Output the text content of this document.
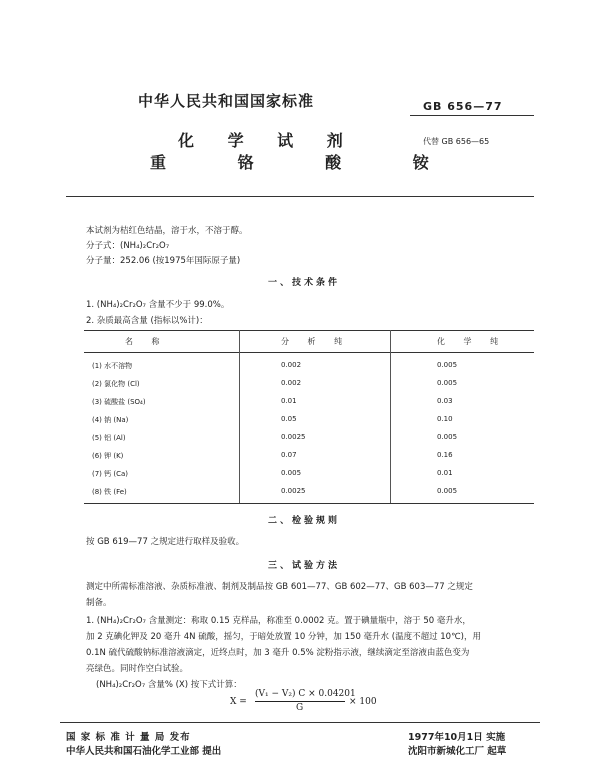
中华人民共和国国家标准	GB 656—77
化 学 试 剂	代替 GB 656—65
重 铬 酸 铵
本试剂为桔红色结晶，溶于水，不溶于醇。
分子式：(NH₄)₂Cr₂O₇
分子量：252.06 (按1975年国际原子量)
一、技术条件
1. (NH₄)₂Cr₂O₇ 含量不少于 99.0%。
2. 杂质最高含量 (指标以%计)：
名 称	分 析 纯	化 学 纯
(1) 水不溶物	0.002	0.005
(2) 氯化物 (Cl)	0.002	0.005
(3) 硫酸盐 (SO₄)	0.01	0.03
(4) 钠 (Na)	0.05	0.10
(5) 铝 (Al)	0.0025	0.005
(6) 钾 (K)	0.07	0.16
(7) 钙 (Ca)	0.005	0.01
(8) 铁 (Fe)	0.0025	0.005
二、检验规则
按 GB 619—77 之规定进行取样及验收。
三、试验方法
测定中所需标准溶液、杂质标准液、制剂及制品按 GB 601—77、GB 602—77、GB 603—77 之规定
制备。
1. (NH₄)₂Cr₂O₇ 含量测定：称取 0.15 克样品，称准至 0.0002 克。置于碘量瓶中，溶于 50 毫升水，
加 2 克碘化钾及 20 毫升 4N 硫酸，摇匀，于暗处放置 10 分钟，加 150 毫升水 (温度不超过 10℃)，用
0.1N 硫代硫酸钠标准溶液滴定，近终点时，加 3 毫升 0.5% 淀粉指示液，继续滴定至溶液由蓝色变为
亮绿色。同时作空白试验。
(NH₄)₂Cr₂O₇ 含量% (X) 按下式计算：
X =
(V₁ − V₂) C × 0.04201
G
× 100
国 家 标 准 计 量 局 发布
中华人民共和国石油化学工业部 提出
1977年10月1日 实施
沈阳市新城化工厂 起草
